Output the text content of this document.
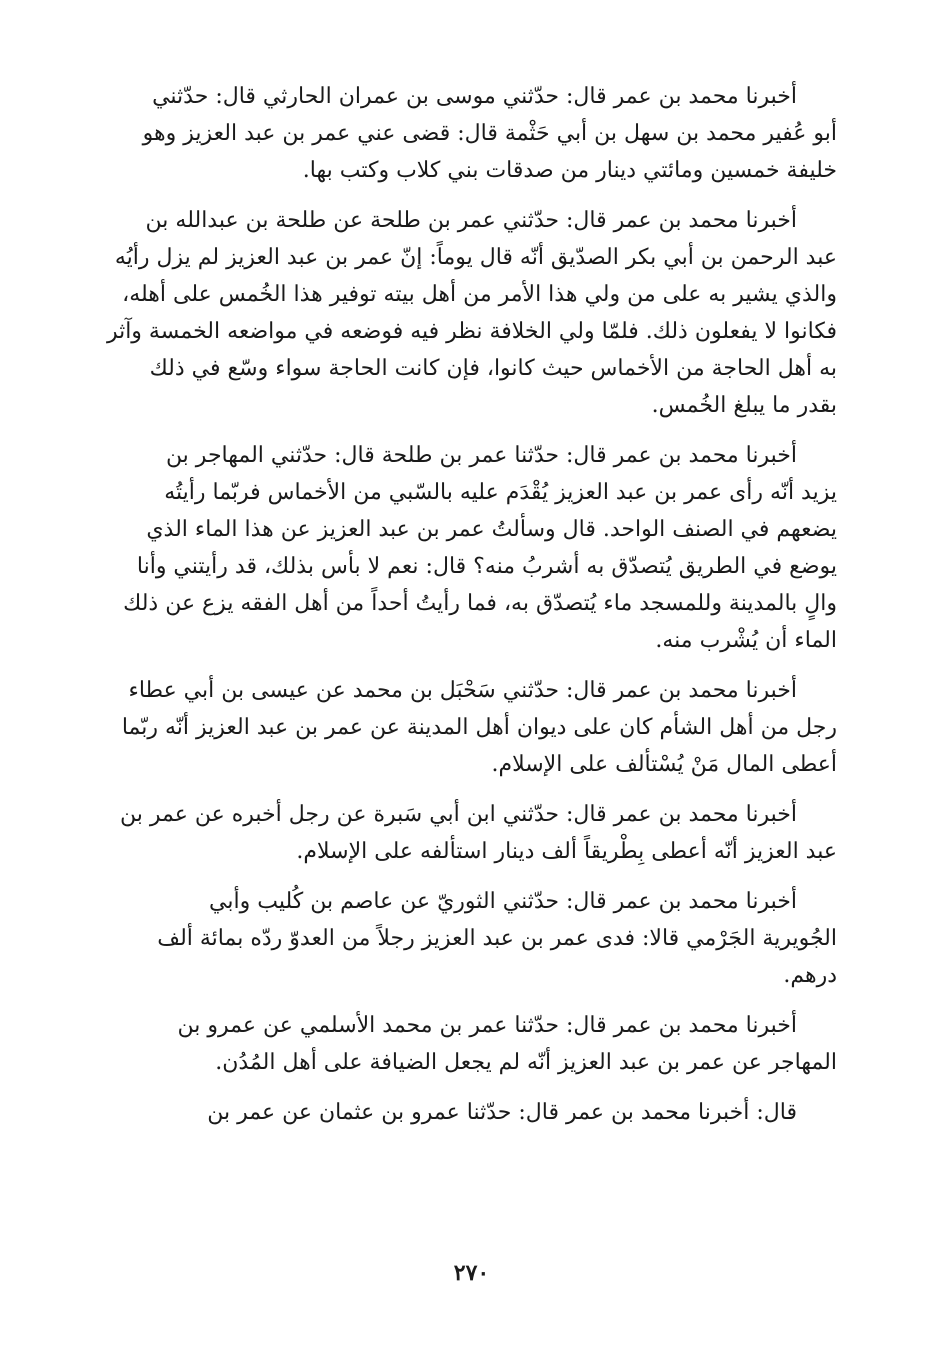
أخبرنا محمد بن عمر قال: حدّثني موسى بن عمران الحارثي قال: حدّثني
أبو عُفير محمد بن سهل بن أبي حَثْمة قال: قضى عني عمر بن عبد العزيز وهو
خليفة خمسين ومائتي دينار من صدقات بني كلاب وكتب بها.
أخبرنا محمد بن عمر قال: حدّثني عمر بن طلحة عن طلحة بن عبدالله بن
عبد الرحمن بن أبي بكر الصدّيق أنّه قال يوماً: إنّ عمر بن عبد العزيز لم يزل رأيُه
والذي يشير به على من ولي هذا الأمر من أهل بيته توفير هذا الخُمس على أهله،
فكانوا لا يفعلون ذلك. فلمّا ولي الخلافة نظر فيه فوضعه في مواضعه الخمسة وآثر
به أهل الحاجة من الأخماس حيث كانوا، فإن كانت الحاجة سواء وسّع في ذلك
بقدر ما يبلغ الخُمس.
أخبرنا محمد بن عمر قال: حدّثنا عمر بن طلحة قال: حدّثني المهاجر بن
يزيد أنّه رأى عمر بن عبد العزيز يُقْدَم عليه بالسّبي من الأخماس فربّما رأيتُه
يضعهم في الصنف الواحد. قال وسألتُ عمر بن عبد العزيز عن هذا الماء الذي
يوضع في الطريق يُتصدّق به أشربُ منه؟ قال: نعم لا بأس بذلك، قد رأيتني وأنا
والٍ بالمدينة وللمسجد ماء يُتصدّق به، فما رأيتُ أحداً من أهل الفقه يزع عن ذلك
الماء أن يُشْرب منه.
أخبرنا محمد بن عمر قال: حدّثني سَحْبَل بن محمد عن عيسى بن أبي عطاء
رجل من أهل الشأم كان على ديوان أهل المدينة عن عمر بن عبد العزيز أنّه ربّما
أعطى المال مَنْ يُسْتألف على الإسلام.
أخبرنا محمد بن عمر قال: حدّثني ابن أبي سَبرة عن رجل أخبره عن عمر بن
عبد العزيز أنّه أعطى بِطْريقاً ألف دينار استألفه على الإسلام.
أخبرنا محمد بن عمر قال: حدّثني الثوريّ عن عاصم بن كُليب وأبي
الجُويرية الجَرْمي قالا: فدى عمر بن عبد العزيز رجلاً من العدوّ ردّه بمائة ألف
درهم.
أخبرنا محمد بن عمر قال: حدّثنا عمر بن محمد الأسلمي عن عمرو بن
المهاجر عن عمر بن عبد العزيز أنّه لم يجعل الضيافة على أهل المُدُن.
قال: أخبرنا محمد بن عمر قال: حدّثنا عمرو بن عثمان عن عمر بن
٢٧٠
